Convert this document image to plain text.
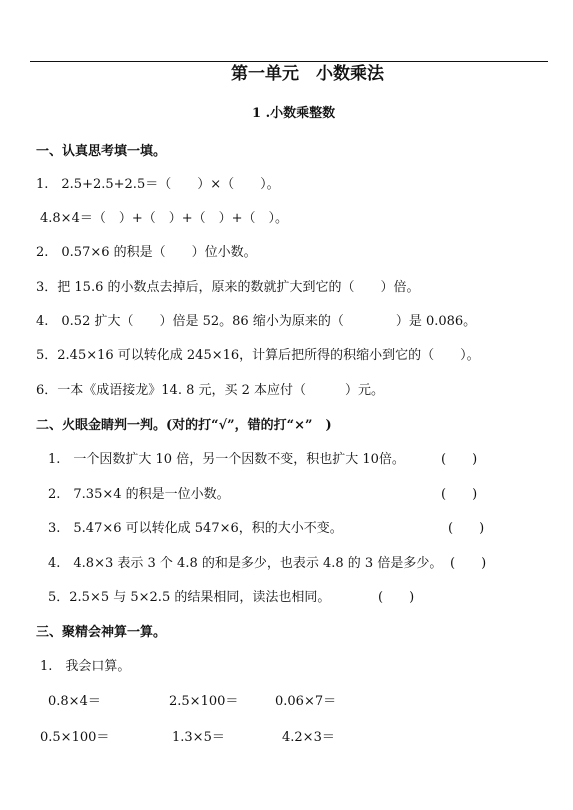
第一单元　小数乘法
1 .小数乘整数
一、认真思考填一填。
1.　2.5+2.5+2.5＝（　　）×（　　）。
4.8×4＝（　）+（　）+（　）+（　）。
2.　0.57×6 的积是（　　）位小数。
3．把 15.6 的小数点去掉后，原来的数就扩大到它的（　　）倍。
4.　0.52 扩大（　　）倍是 52。86 缩小为原来的（　　　　）是 0.086。
5．2.45×16 可以转化成 245×16，计算后把所得的积缩小到它的（　　）。
6．一本《成语接龙》14. 8 元，买 2 本应付（　　　）元。
二、火眼金睛判一判。(对的打“√”，错的打“×”　)
1.　一个因数扩大 10 倍，另一个因数不变，积也扩大 10倍。	(　　)
2.　7.35×4 的积是一位小数。	(　　)
3.　5.47×6 可以转化成 547×6，积的大小不变。	(　　)
4.　4.8×3 表示 3 个 4.8 的和是多少，也表示 4.8 的 3 倍是多少。 (　　)
5．2.5×5 与 5×2.5 的结果相同，读法也相同。	(　　)
三、聚精会神算一算。
1.　我会口算。
0.8×4＝	2.5×100＝	0.06×7＝
0.5×100＝	1.3×5＝	4.2×3＝
